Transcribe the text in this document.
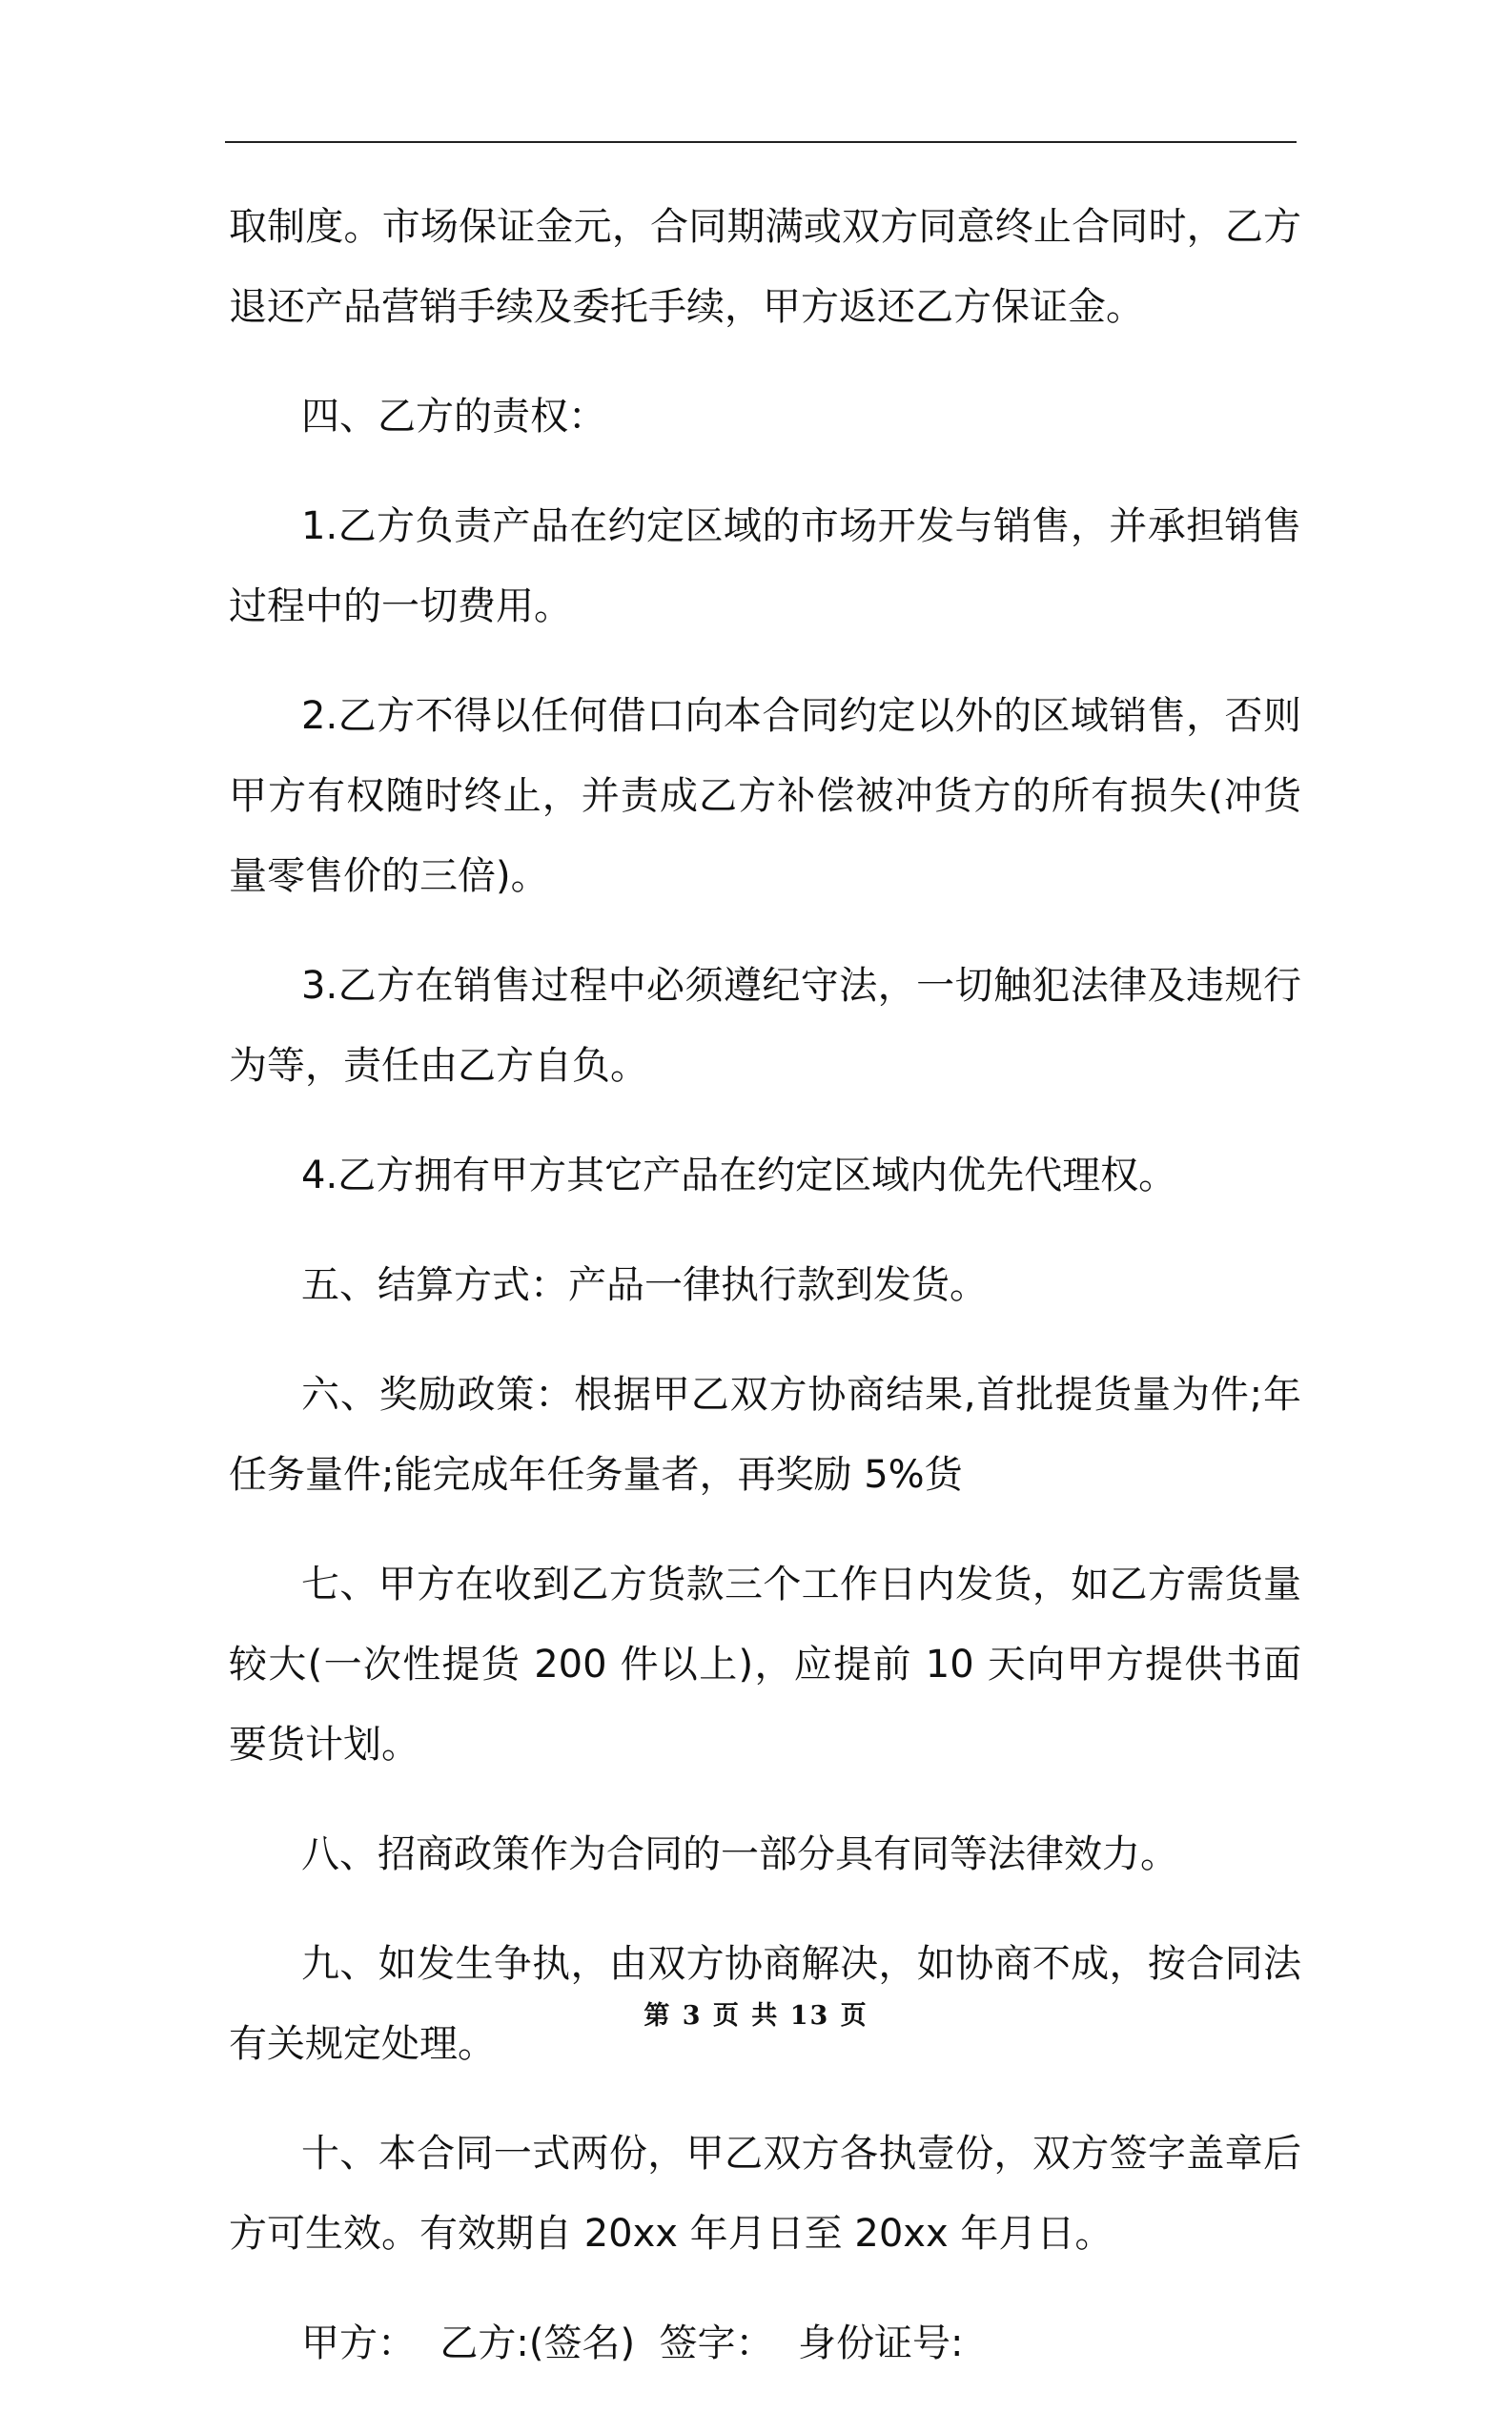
取制度。市场保证金元，合同期满或双方同意终止合同时，乙方退还产品营销手续及委托手续，甲方返还乙方保证金。

四、乙方的责权：

1.乙方负责产品在约定区域的市场开发与销售，并承担销售过程中的一切费用。

2.乙方不得以任何借口向本合同约定以外的区域销售，否则甲方有权随时终止，并责成乙方补偿被冲货方的所有损失(冲货量零售价的三倍)。

3.乙方在销售过程中必须遵纪守法，一切触犯法律及违规行为等，责任由乙方自负。

4.乙方拥有甲方其它产品在约定区域内优先代理权。

五、结算方式：产品一律执行款到发货。

六、奖励政策：根据甲乙双方协商结果,首批提货量为件;年任务量件;能完成年任务量者，再奖励 5%货

七、甲方在收到乙方货款三个工作日内发货，如乙方需货量较大(一次性提货 200 件以上)，应提前 10 天向甲方提供书面要货计划。

八、招商政策作为合同的一部分具有同等法律效力。

九、如发生争执，由双方协商解决，如协商不成，按合同法有关规定处理。

十、本合同一式两份，甲乙双方各执壹份，双方签字盖章后方可生效。有效期自 20xx 年月日至 20xx 年月日。

甲方：  乙方:(签名)  签字：  身份证号:

第 3 页 共 13 页
